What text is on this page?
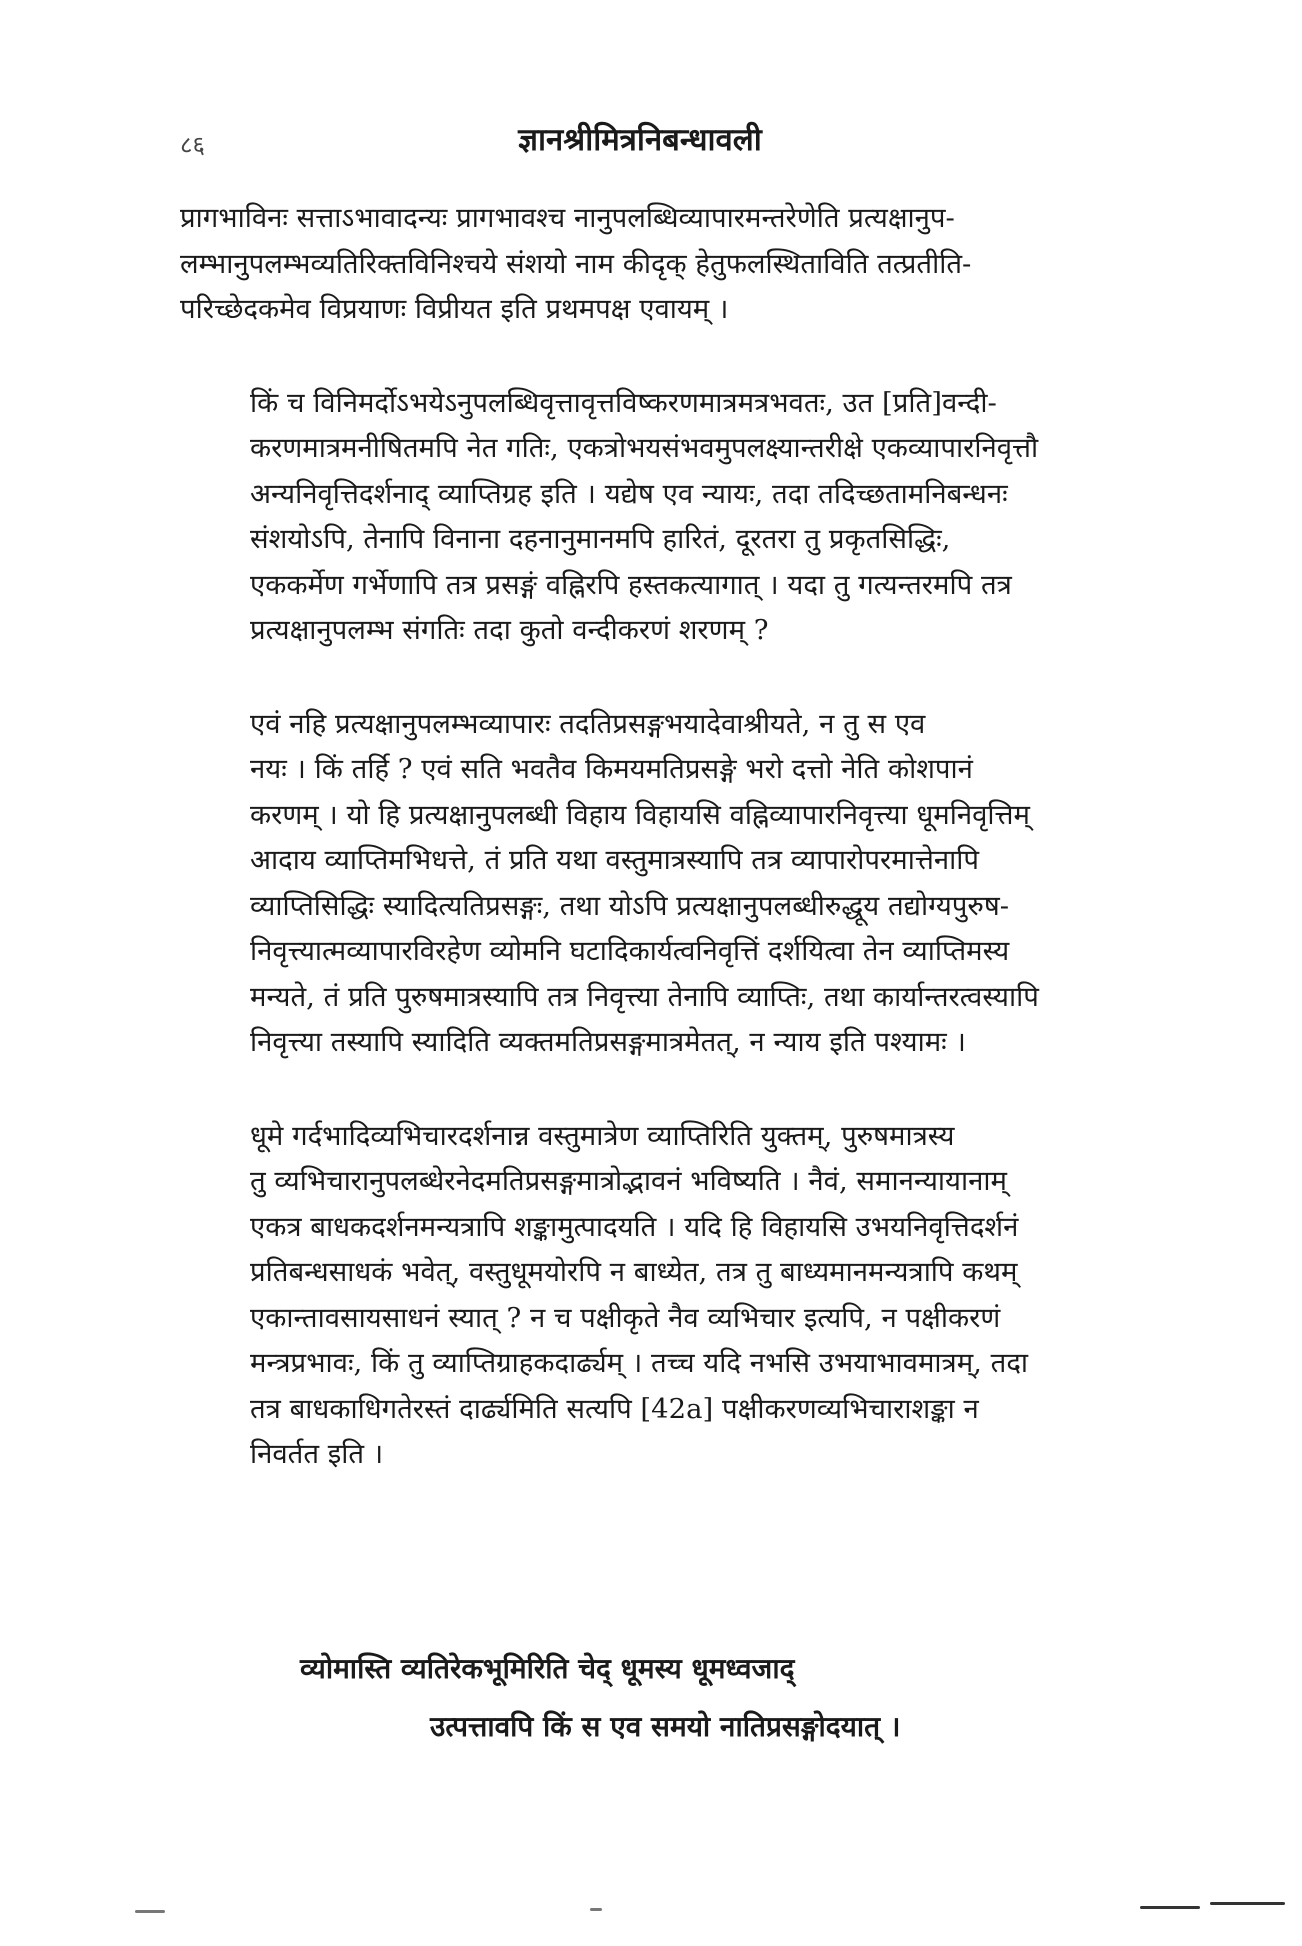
८६	ज्ञानश्रीमित्रनिबन्धावली

प्रागभाविनः सत्ताऽभावादन्यः प्रागभावश्च नानुपलब्धिव्यापारमन्तरेणेति प्रत्यक्षानुप-
लम्भानुपलम्भव्यतिरिक्तविनिश्चये संशयो नाम कीदृक् हेतुफलस्थिताविति तत्प्रतीति-
परिच्छेदकमेव विप्रयाणः विप्रीयत इति प्रथमपक्ष एवायम् ।

किं च विनिमर्दोऽभयेऽनुपलब्धिवृत्तावृत्तविष्करणमात्रमत्रभवतः, उत [प्रति]वन्दी-
करणमात्रमनीषितमपि नेत गतिः, एकत्रोभयसंभवमुपलक्ष्यान्तरीक्षे एकव्यापारनिवृत्तौ
अन्यनिवृत्तिदर्शनाद् व्याप्तिग्रह इति । यद्येष एव न्यायः, तदा तदिच्छतामनिबन्धनः
संशयोऽपि, तेनापि विनाना दहनानुमानमपि हारितं, दूरतरा तु प्रकृतसिद्धिः,
एककर्मेण गर्भेणापि तत्र प्रसङ्गं वह्निरपि हस्तकत्यागात् । यदा तु गत्यन्तरमपि तत्र
प्रत्यक्षानुपलम्भ संगतिः तदा कुतो वन्दीकरणं शरणम् ?

एवं नहि प्रत्यक्षानुपलम्भव्यापारः तदतिप्रसङ्गभयादेवाश्रीयते, न तु स एव
नयः । किं तर्हि ? एवं सति भवतैव किमयमतिप्रसङ्गे भरो दत्तो नेति कोशपानं
करणम् । यो हि प्रत्यक्षानुपलब्धी विहाय विहायसि वह्निव्यापारनिवृत्त्या धूमनिवृत्तिम्
आदाय व्याप्तिमभिधत्ते, तं प्रति यथा वस्तुमात्रस्यापि तत्र व्यापारोपरमात्तेनापि
व्याप्तिसिद्धिः स्यादित्यतिप्रसङ्गः, तथा योऽपि प्रत्यक्षानुपलब्धीरुद्धूय तद्योग्यपुरुष-
निवृत्त्यात्मव्यापारविरहेण व्योमनि घटादिकार्यत्वनिवृत्तिं दर्शयित्वा तेन व्याप्तिमस्य
मन्यते, तं प्रति पुरुषमात्रस्यापि तत्र निवृत्त्या तेनापि व्याप्तिः, तथा कार्यान्तरत्वस्यापि
निवृत्त्या तस्यापि स्यादिति व्यक्तमतिप्रसङ्गमात्रमेतत्, न न्याय इति पश्यामः ।

धूमे गर्दभादिव्यभिचारदर्शनान्न वस्तुमात्रेण व्याप्तिरिति युक्तम्, पुरुषमात्रस्य
तु व्यभिचारानुपलब्धेरनेदमतिप्रसङ्गमात्रोद्भावनं भविष्यति । नैवं, समानन्यायानाम्
एकत्र बाधकदर्शनमन्यत्रापि शङ्कामुत्पादयति । यदि हि विहायसि उभयनिवृत्तिदर्शनं
प्रतिबन्धसाधकं भवेत्, वस्तुधूमयोरपि न बाध्येत, तत्र तु बाध्यमानमन्यत्रापि कथम्
एकान्तावसायसाधनं स्यात् ? न च पक्षीकृते नैव व्यभिचार इत्यपि, न पक्षीकरणं
मन्त्रप्रभावः, किं तु व्याप्तिग्राहकदार्ढ्यम् । तच्च यदि नभसि उभयाभावमात्रम्, तदा
तत्र बाधकाधिगतेरस्तं दार्ढ्यमिति सत्यपि [42a] पक्षीकरणव्यभिचाराशङ्का न
निवर्तत इति ।

व्योमास्ति व्यतिरेकभूमिरिति चेद् धूमस्य धूमध्वजाद्
उत्पत्तावपि किं स एव समयो नातिप्रसङ्गोदयात् ।
